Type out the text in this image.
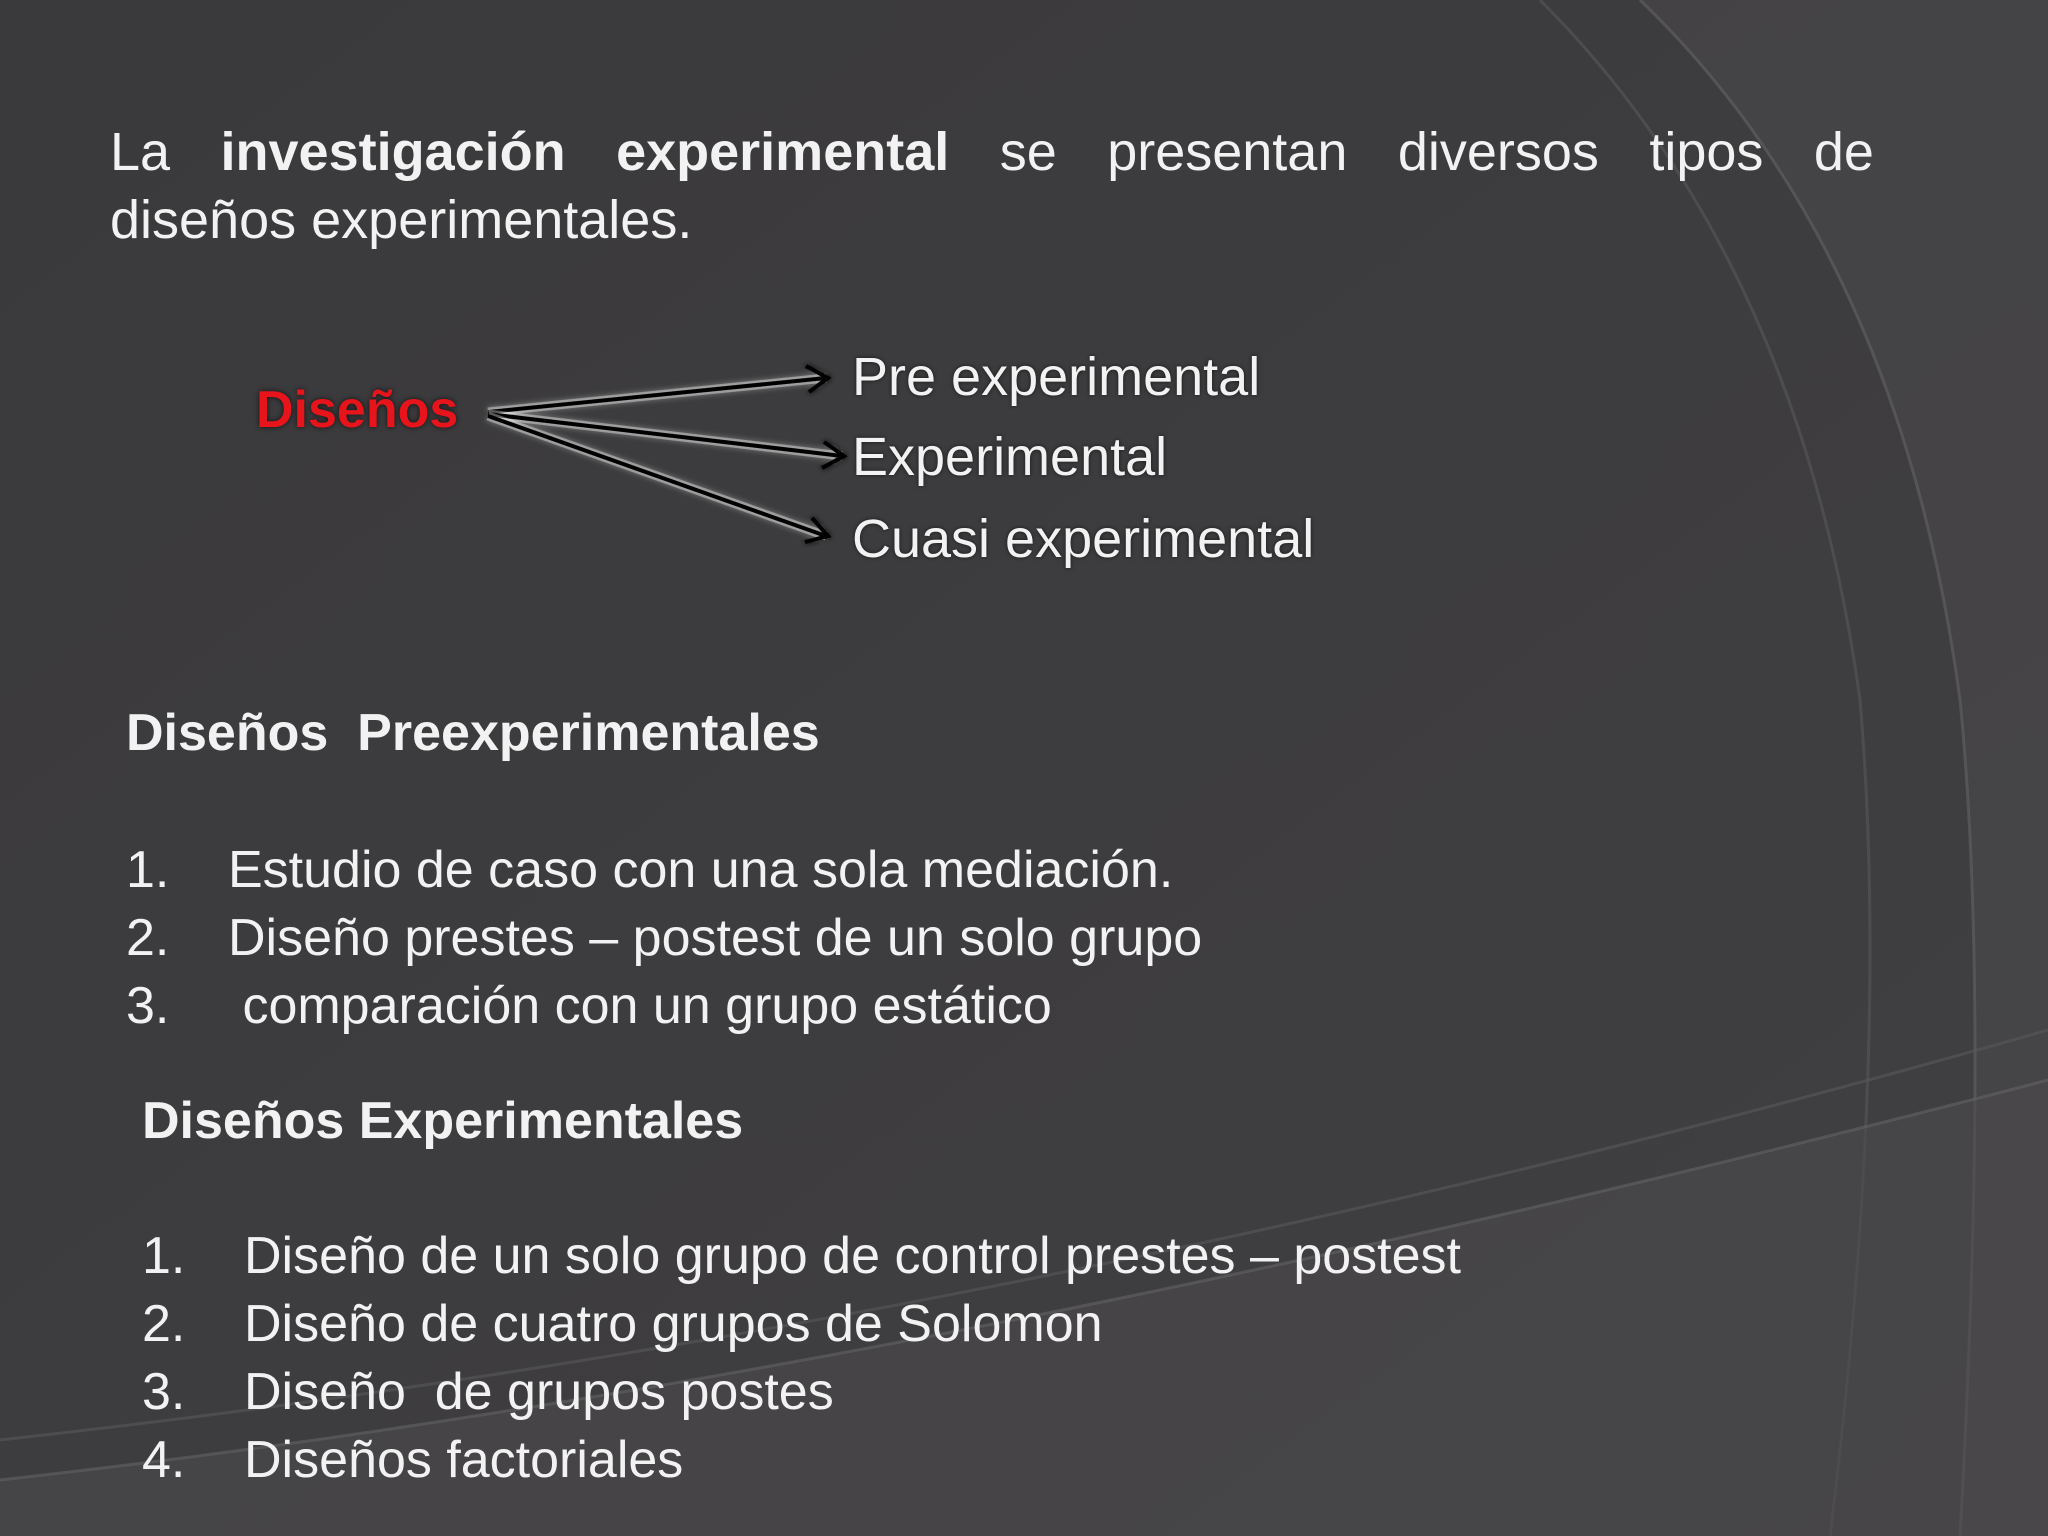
La investigación experimental se presentan diversos tipos de
diseños experimentales.
Diseños
Pre experimental
Experimental
Cuasi experimental
Diseños  Preexperimentales
1. Estudio de caso con una sola mediación.
2. Diseño prestes – postest de un solo grupo
3. comparación con un grupo estático
Diseños Experimentales
1. Diseño de un solo grupo de control prestes – postest
2. Diseño de cuatro grupos de Solomon
3. Diseño  de grupos postes
4. Diseños factoriales
